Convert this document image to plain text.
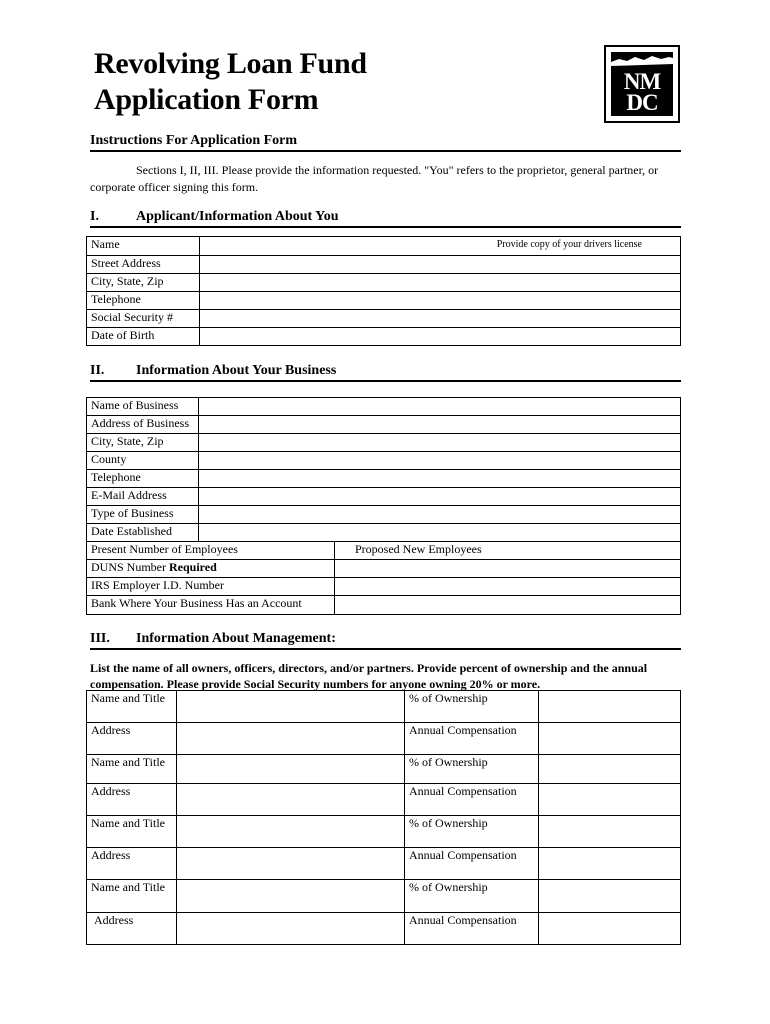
Revolving Loan Fund
Application Form
NM
DC
Instructions For Application Form
Sections I, II, III. Please provide the information requested. "You" refers to the proprietor, general partner, or corporate officer signing this form.
I.	Applicant/Information About You
Name	Provide copy of your drivers license

Street Address	
City, State, Zip	
Telephone	
Social Security #	
Date of Birth	
II. Information About Your Business
Name of Business		
Address of Business		
City, State, Zip		
County		
Telephone		
E-Mail Address		
Type of Business		
Date Established		
Present Number of Employees		Proposed New Employees
DUNS Number Required		
IRS Employer I.D. Number		
Bank Where Your Business Has an Account		
III. Information About Management:
List the name of all owners, officers, directors, and/or partners. Provide percent of ownership and the annual compensation. Please provide Social Security numbers for anyone owning 20% or more.
Name and Title		% of Ownership	
Address		Annual Compensation	
Name and Title		% of Ownership	
Address		Annual Compensation	
Name and Title		% of Ownership	
Address		Annual Compensation	
Name and Title		% of Ownership	
Address		Annual Compensation	
